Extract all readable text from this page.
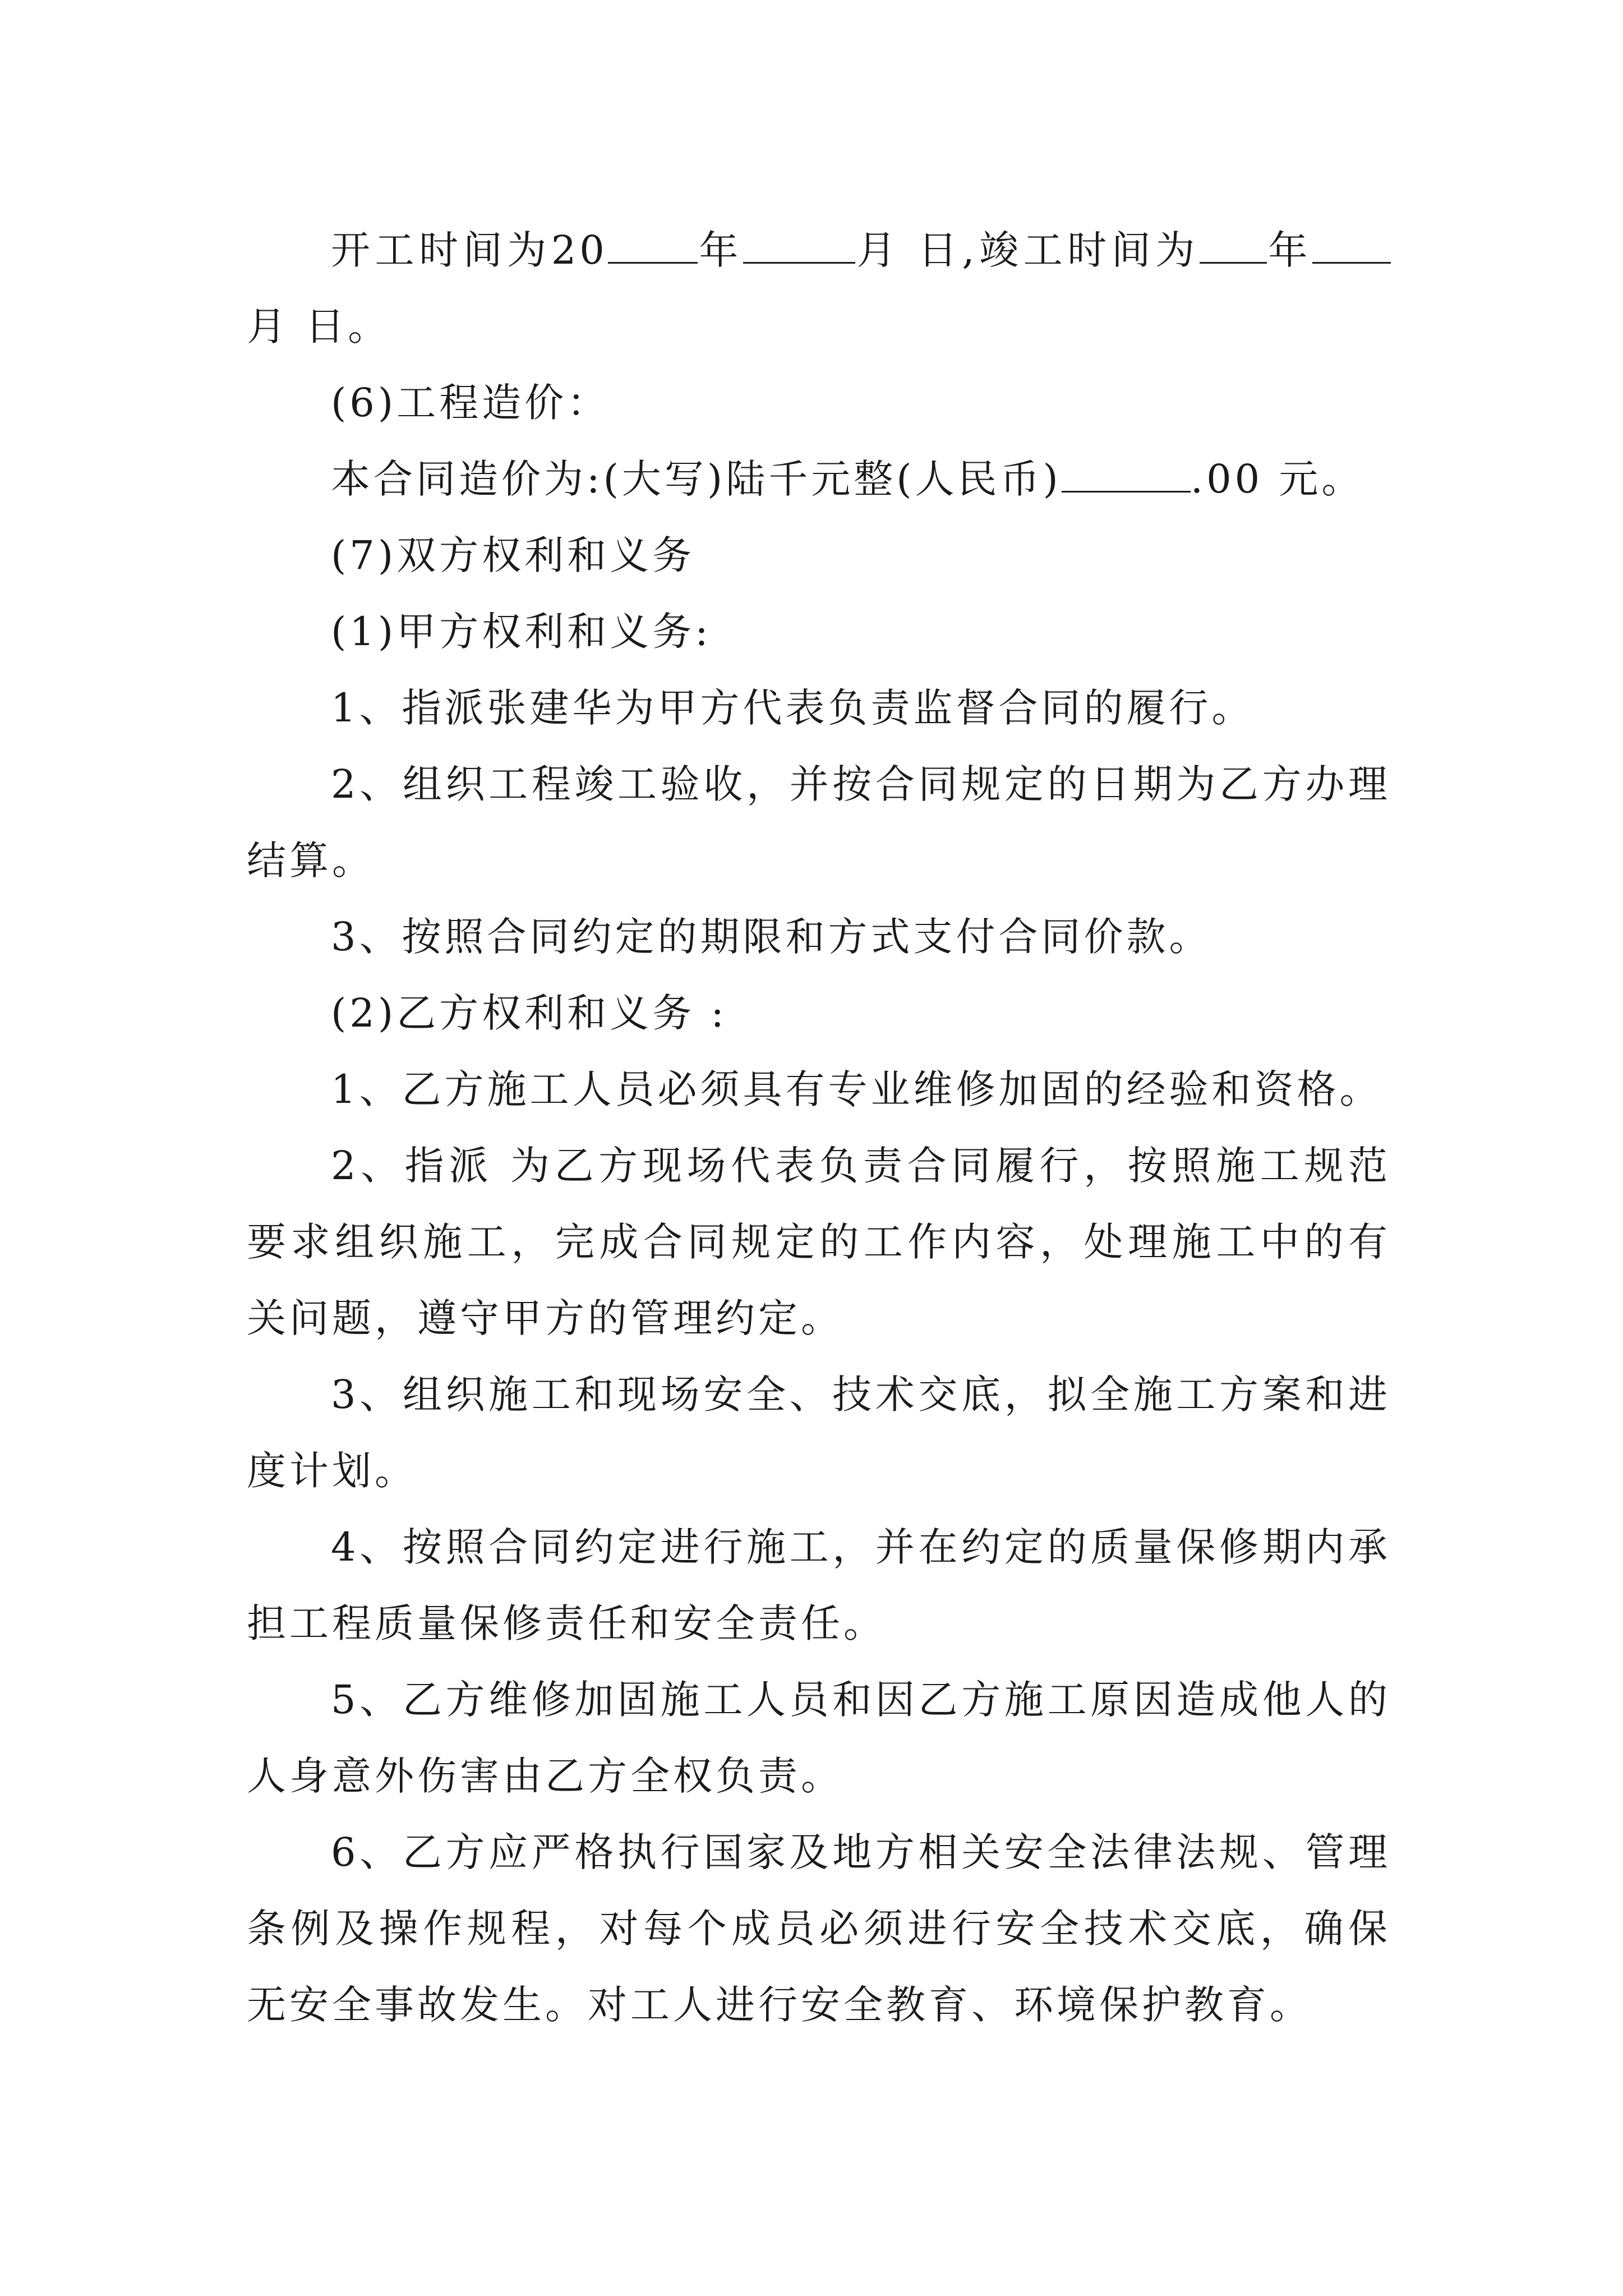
开工时间为20 年	月 日,竣工时间为 年月 日。

(6)工程造价：

本合同造价为:(大写)陆千元整(人民币)	.00 元。

(7)双方权利和义务

(1)甲方权利和义务:

1、指派张建华为甲方代表负责监督合同的履行。

2、组织工程竣工验收，并按合同规定的日期为乙方办理结算。

3、按照合同约定的期限和方式支付合同价款。

(2)乙方权利和义务 :

1、乙方施工人员必须具有专业维修加固的经验和资格。

2、指派 为乙方现场代表负责合同履行，按照施工规范要求组织施工，完成合同规定的工作内容，处理施工中的有关问题，遵守甲方的管理约定。

3、组织施工和现场安全、技术交底，拟全施工方案和进度计划。

4、按照合同约定进行施工，并在约定的质量保修期内承担工程质量保修责任和安全责任。

5、乙方维修加固施工人员和因乙方施工原因造成他人的人身意外伤害由乙方全权负责。

6、乙方应严格执行国家及地方相关安全法律法规、管理条例及操作规程，对每个成员必须进行安全技术交底，确保无安全事故发生。对工人进行安全教育、环境保护教育。
